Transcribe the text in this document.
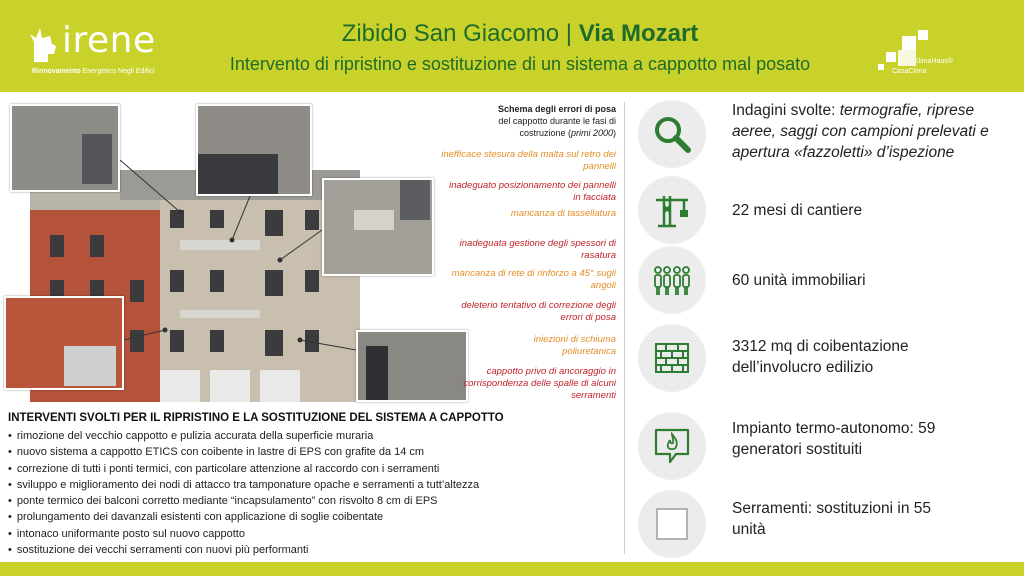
irene
Rinnovamento Energetico Negli Edifici
Zibido San Giacomo | Via Mozart
Intervento di ripristino e sostituzione di un sistema a cappotto mal posato	KlimaHaus®
CasaClima
Schema degli errori di posa
del cappotto durante le fasi di costruzione (primi 2000)
inefficace stesura della malta sul retro dei pannelli
inadeguato posizionamento dei pannelli in facciata
mancanza di tassellatura
inadeguata gestione degli spessori di rasatura
mancanza di rete di rinforzo a 45° sugli angoli
deleterio tentativo di correzione degli errori di posa
iniezioni di schiuma poliuretanica
cappotto privo di ancoraggio in corrispondenza delle spalle di alcuni serramenti
INTERVENTI SVOLTI PER IL RIPRISTINO E LA SOSTITUZIONE DEL SISTEMA A CAPPOTTO
• rimozione del vecchio cappotto e pulizia accurata della superficie muraria
• nuovo sistema a cappotto ETICS con coibente in lastre di EPS con grafite da 14 cm
• correzione di tutti i ponti termici, con particolare attenzione al raccordo con i serramenti
• sviluppo e miglioramento dei nodi di attacco tra tamponature opache e serramenti a tutt’altezza
• ponte termico dei balconi corretto mediante “incapsulamento” con risvolto 8 cm di EPS
• prolungamento dei davanzali esistenti con applicazione di soglie coibentate
• intonaco uniformante posto sul nuovo cappotto
• sostituzione dei vecchi serramenti con nuovi più performanti
Indagini svolte: termografie, riprese aeree, saggi con campioni prelevati e apertura «fazzoletti» d’ispezione
22 mesi di cantiere
60 unità immobiliari
3312 mq di coibentazione dell’involucro edilizio
Impianto termo-autonomo: 59 generatori sostituiti
Serramenti: sostituzioni in 55 unità
